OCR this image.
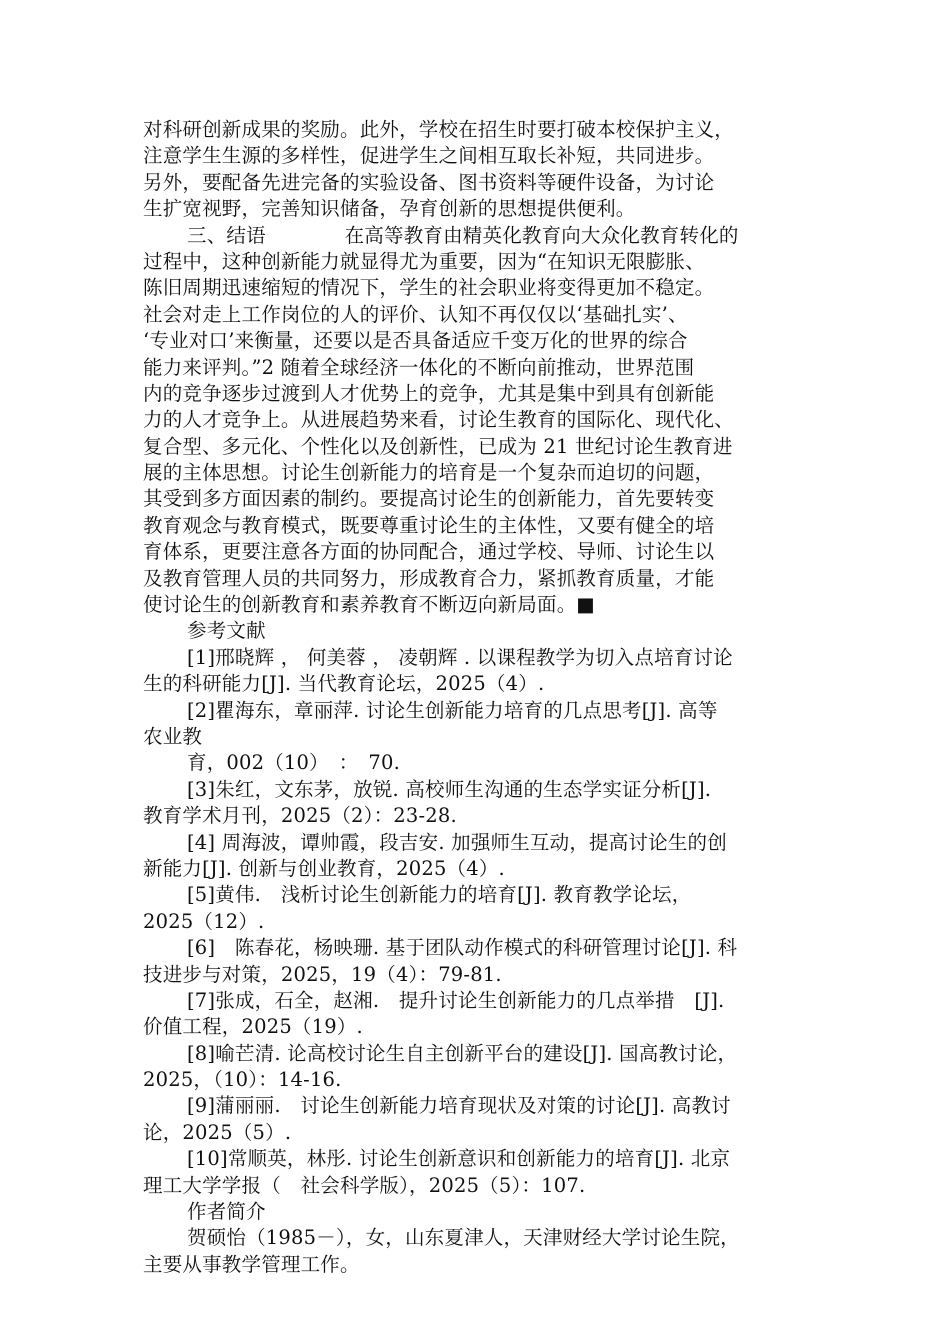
对科研创新成果的奖励。此外，学校在招生时要打破本校保护主义，
注意学生生源的多样性，促进学生之间相互取长补短，共同进步。
另外，要配备先进完备的实验设备、图书资料等硬件设备，为讨论
生扩宽视野，完善知识储备，孕育创新的思想提供便利。
三、结语　　　　在高等教育由精英化教育向大众化教育转化的
过程中，这种创新能力就显得尤为重要，因为“在知识无限膨胀、
陈旧周期迅速缩短的情况下，学生的社会职业将变得更加不稳定。
社会对走上工作岗位的人的评价、认知不再仅仅以‘基础扎实’、
‘专业对口’来衡量，还要以是否具备适应千变万化的世界的综合
能力来评判。”2 随着全球经济一体化的不断向前推动，世界范围
内的竞争逐步过渡到人才优势上的竞争，尤其是集中到具有创新能
力的人才竞争上。从进展趋势来看，讨论生教育的国际化、现代化、
复合型、多元化、个性化以及创新性，已成为 21 世纪讨论生教育进
展的主体思想。讨论生创新能力的培育是一个复杂而迫切的问题，
其受到多方面因素的制约。要提高讨论生的创新能力，首先要转变
教育观念与教育模式，既要尊重讨论生的主体性，又要有健全的培
育体系，更要注意各方面的协同配合，通过学校、导师、讨论生以
及教育管理人员的共同努力，形成教育合力，紧抓教育质量，才能
使讨论生的创新教育和素养教育不断迈向新局面。■
参考文献
[1]邢晓辉 ， 何美蓉 ， 凌朝辉 . 以课程教学为切入点培育讨论
生的科研能力[J]. 当代教育论坛，2025（4）.
[2]瞿海东，章丽萍. 讨论生创新能力培育的几点思考[J]. 高等
农业教
育，002（10）　：　70.
[3]朱红，文东茅，放锐. 高校师生沟通的生态学实证分析[J].
教育学术月刊，2025（2）：23-28.
[4] 周海波，谭帅霞，段吉安. 加强师生互动，提高讨论生的创
新能力[J]. 创新与创业教育，2025（4）.
[5]黄伟.　浅析讨论生创新能力的培育[J]. 教育教学论坛，
2025（12）.
[6]　陈春花，杨映珊. 基于团队动作模式的科研管理讨论[J]. 科
技进步与对策，2025，19（4）：79-81.
[7]张成，石全，赵湘.　提升讨论生创新能力的几点举措　[J].
价值工程，2025（19）.
[8]喻芒清. 论高校讨论生自主创新平台的建设[J]. 国高教讨论，
2025，（10）：14-16.
[9]蒲丽丽.　讨论生创新能力培育现状及对策的讨论[J]. 高教讨
论，2025（5）.
[10]常顺英，林彤. 讨论生创新意识和创新能力的培育[J]. 北京
理工大学学报（　社会科学版），2025（5）：107.
作者简介
贺硕怡（1985－），女，山东夏津人，天津财经大学讨论生院，
主要从事教学管理工作。
